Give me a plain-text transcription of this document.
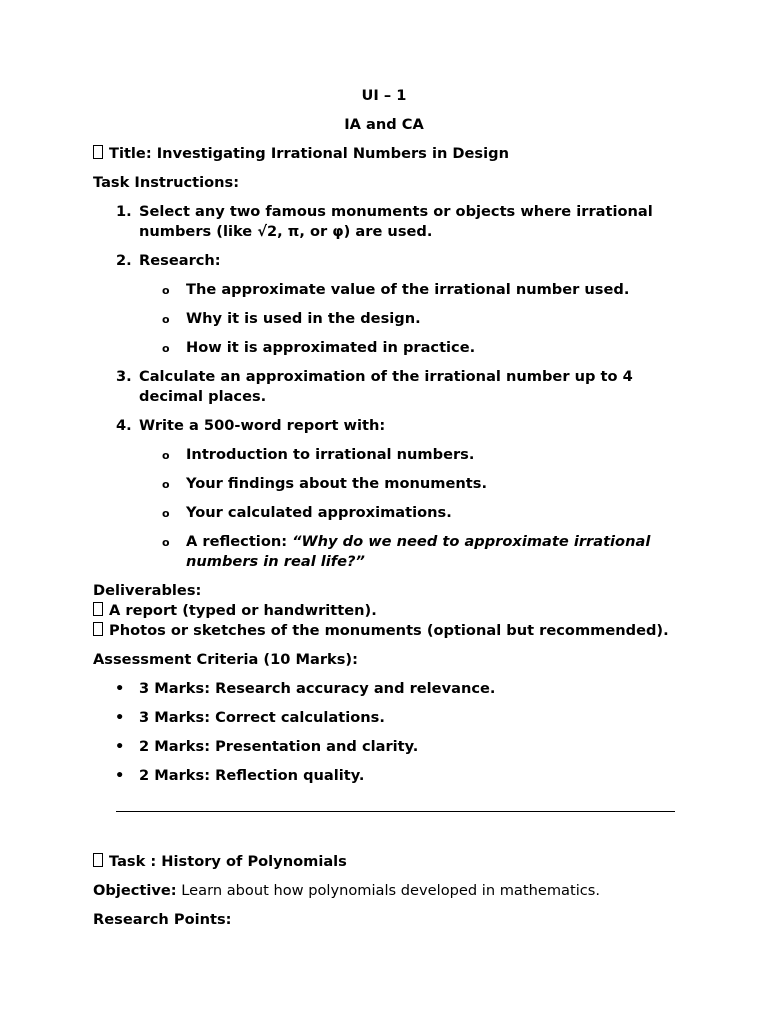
UI – 1
IA and CA

Title: Investigating Irrational Numbers in Design

Task Instructions:

1. Select any two famous monuments or objects where irrational numbers (like √2, π, or φ) are used.
2. Research:
o The approximate value of the irrational number used.
o Why it is used in the design.
o How it is approximated in practice.
3. Calculate an approximation of the irrational number up to 4 decimal places.
4. Write a 500-word report with:
o Introduction to irrational numbers.
o Your findings about the monuments.
o Your calculated approximations.
o A reflection: “Why do we need to approximate irrational numbers in real life?”
Deliverables:
A report (typed or handwritten).
Photos or sketches of the monuments (optional but recommended).

Assessment Criteria (10 Marks):

• 3 Marks: Research accuracy and relevance.
• 3 Marks: Correct calculations.
• 2 Marks: Presentation and clarity.
• 2 Marks: Reflection quality.

Task : History of Polynomials

Objective: Learn about how polynomials developed in mathematics.

Research Points:
